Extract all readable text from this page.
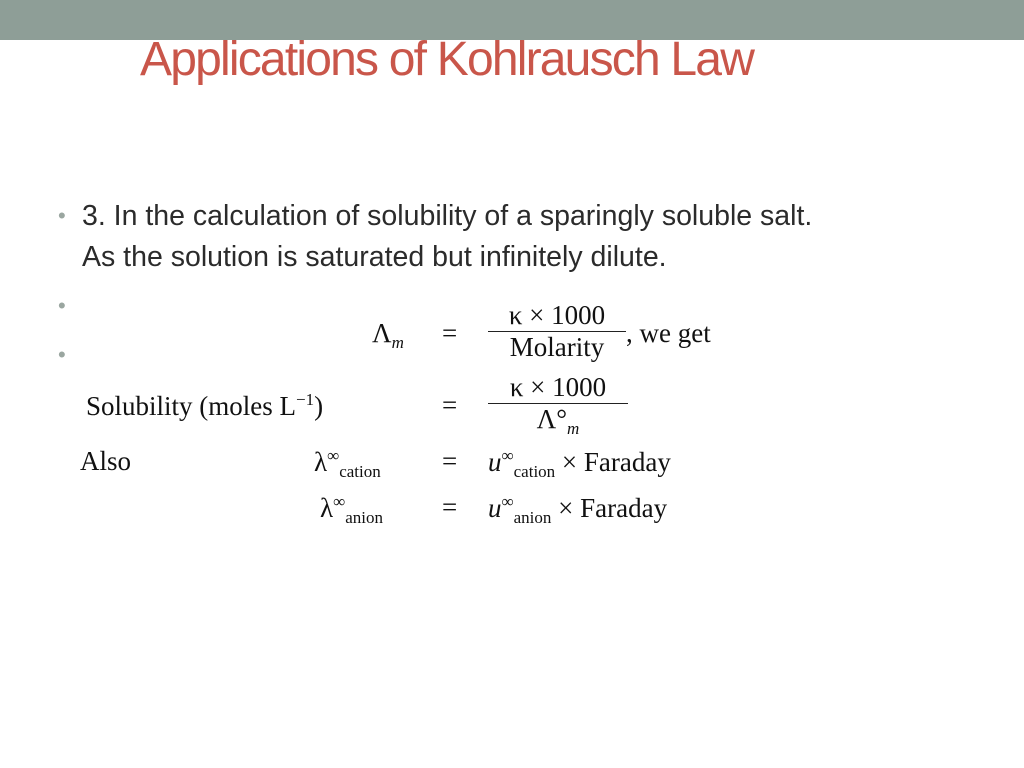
Applications of Kohlrausch Law
•
•
•
3. In the calculation of solubility of a sparingly soluble salt.
As the solution is saturated but infinitely dilute.
$\Lambda_m$ =
κ × 1000
Molarity , we get
Solubility (moles $L^{-1}$)	=
κ × 1000
$\Lambda^\circ_m$
Also	$\lambda^\infty_{cation} = u^\infty_{cation}$ × Faraday
$\lambda^\infty_{anion} = u^\infty_{anion}$ × Faraday
